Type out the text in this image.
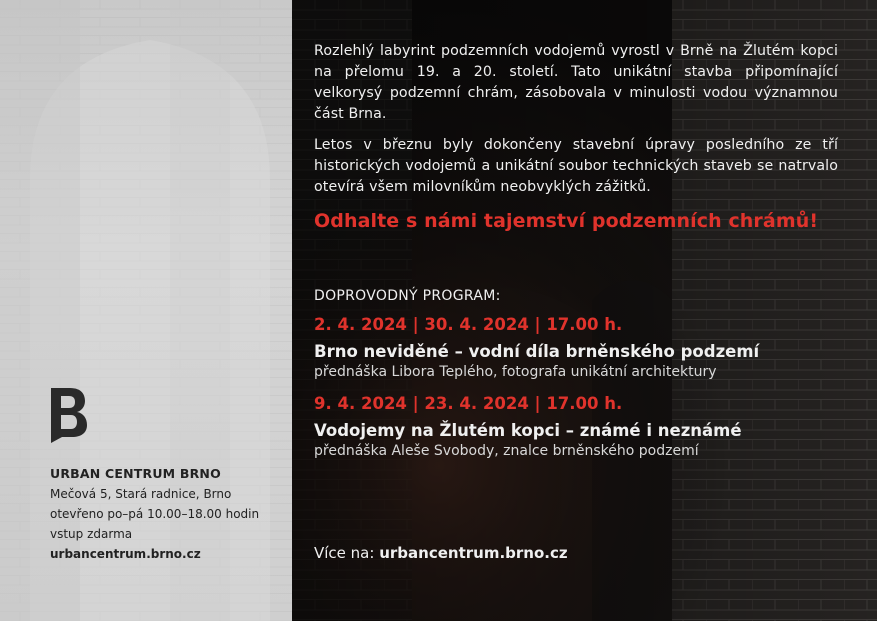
URBAN CENTRUM BRNO
Mečová 5, Stará radnice, Brno
otevřeno po–pá 10.00–18.00 hodin
vstup zdarma
urbancentrum.brno.cz

Rozlehlý labyrint podzemních vodojemů vyrostl v Brně na Žlutém kopci na přelomu 19. a 20. století. Tato unikátní stavba připomínající velkorysý podzemní chrám, zásobovala v minulosti vodou významnou část Brna.

Letos v březnu byly dokončeny stavební úpravy posledního ze tří historických vodojemů a unikátní soubor technických staveb se natrvalo otevírá všem milovníkům neobvyklých zážitků.

Odhalte s námi tajemství podzemních chrámů!
DOPROVODNÝ PROGRAM:
2. 4. 2024 | 30. 4. 2024 | 17.00 h.
Brno neviděné – vodní díla brněnského podzemí
přednáška Libora Teplého, fotografa unikátní architektury
9. 4. 2024 | 23. 4. 2024 | 17.00 h.
Vodojemy na Žlutém kopci – známé i neznámé
přednáška Aleše Svobody, znalce brněnského podzemí
Více na: urbancentrum.brno.cz
